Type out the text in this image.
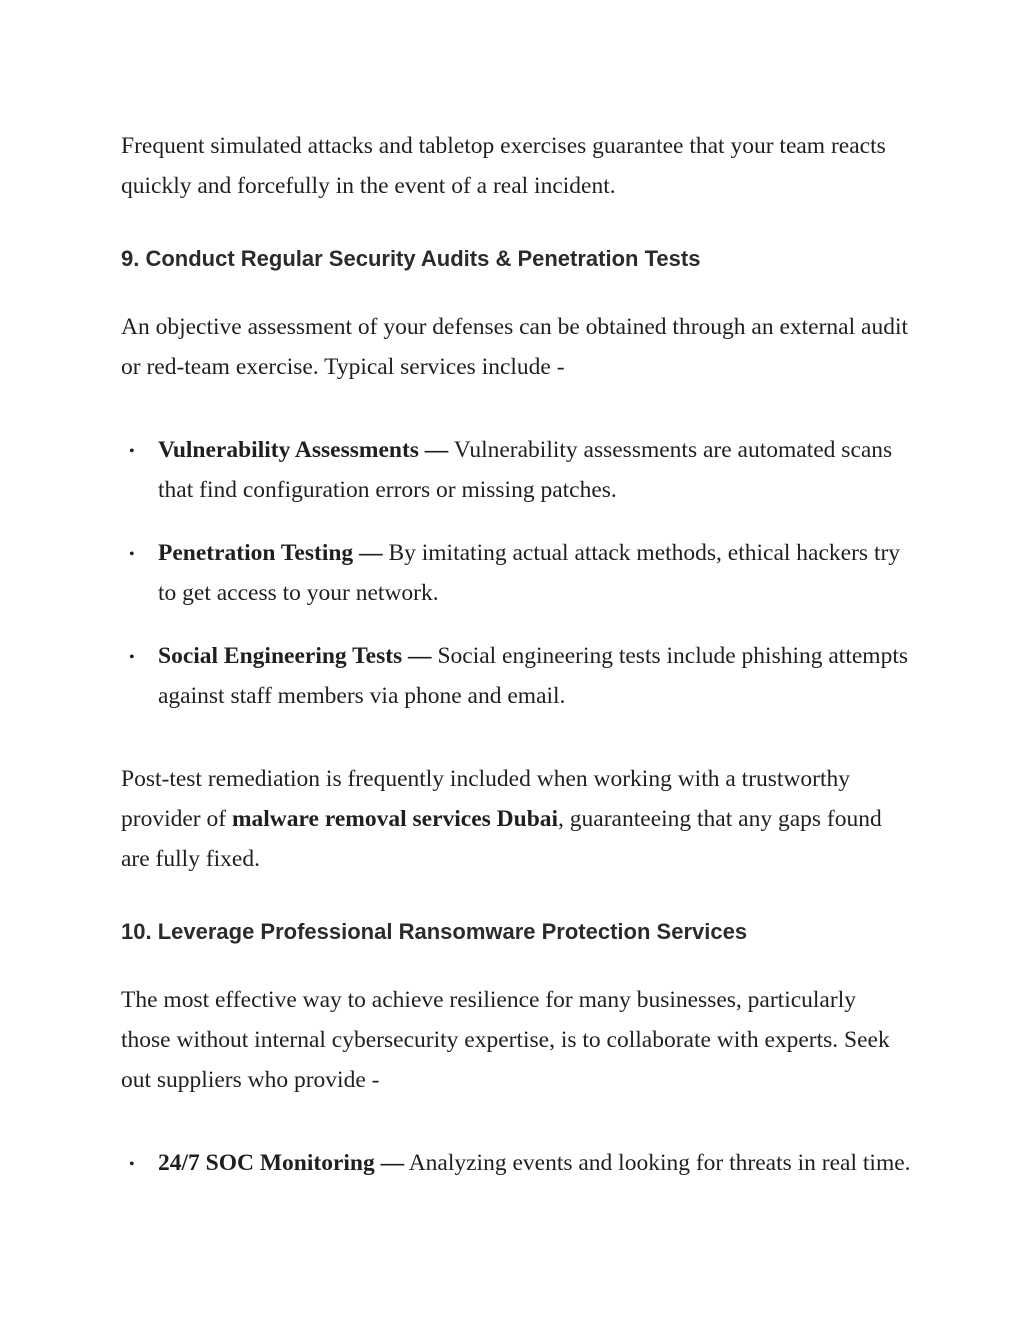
Frequent simulated attacks and tabletop exercises guarantee that your team reacts quickly and forcefully in the event of a real incident.

9. Conduct Regular Security Audits & Penetration Tests

An objective assessment of your defenses can be obtained through an external audit or red-team exercise. Typical services include -

• Vulnerability Assessments — Vulnerability assessments are automated scans that find configuration errors or missing patches.
• Penetration Testing — By imitating actual attack methods, ethical hackers try to get access to your network.
• Social Engineering Tests — Social engineering tests include phishing attempts against staff members via phone and email.

Post-test remediation is frequently included when working with a trustworthy provider of malware removal services Dubai, guaranteeing that any gaps found are fully fixed.

10. Leverage Professional Ransomware Protection Services

The most effective way to achieve resilience for many businesses, particularly those without internal cybersecurity expertise, is to collaborate with experts. Seek out suppliers who provide -

• 24/7 SOC Monitoring — Analyzing events and looking for threats in real time.
